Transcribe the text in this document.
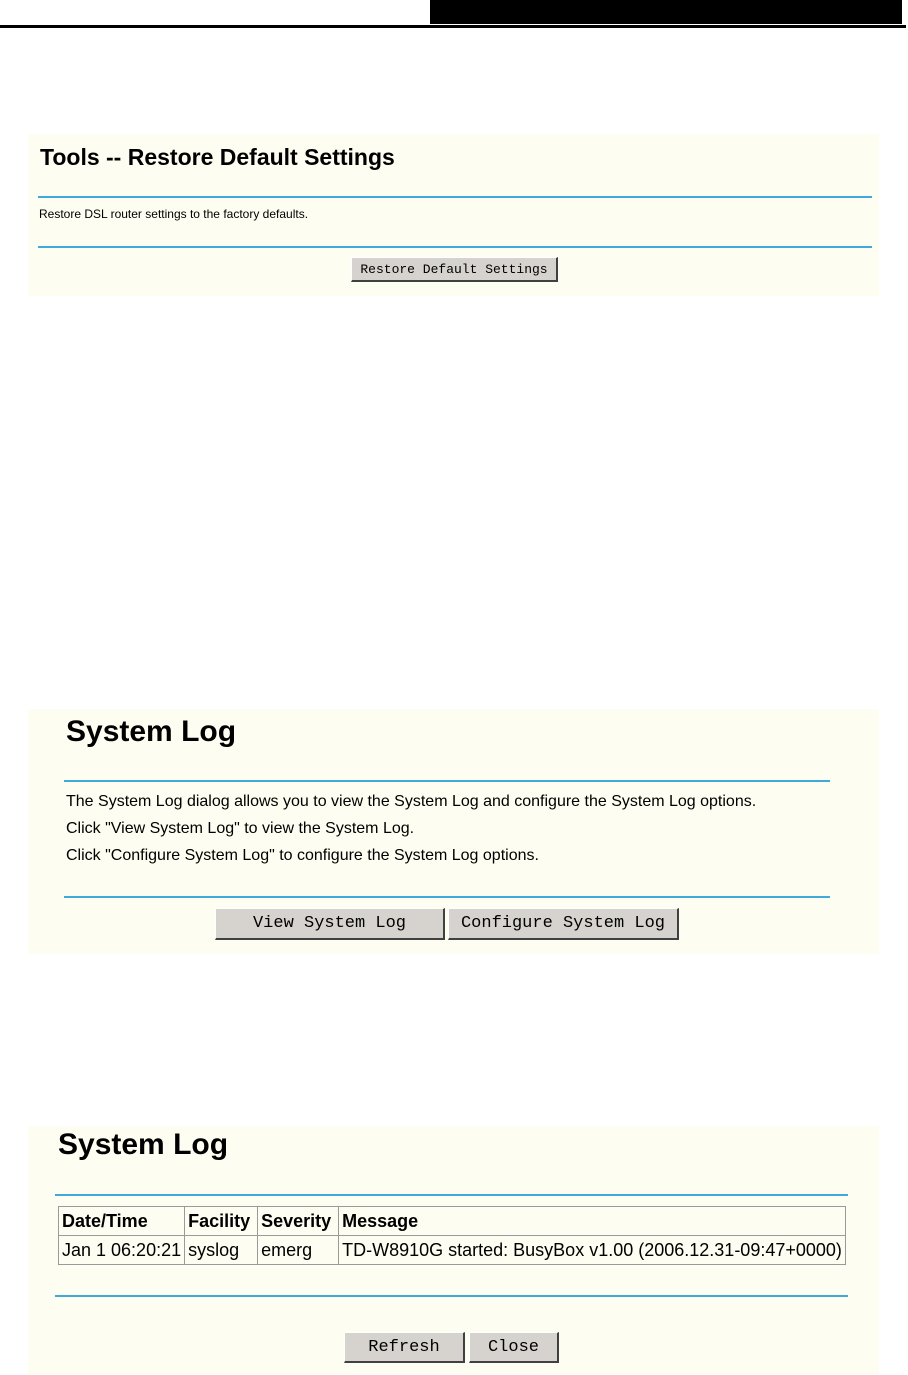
Tools -- Restore Default Settings
Restore DSL router settings to the factory defaults.
Restore Default Settings
System Log
The System Log dialog allows you to view the System Log and configure the System Log options.
Click "View System Log" to view the System Log.
Click "Configure System Log" to configure the System Log options.
View System Log	Configure System Log
System Log
Date/Time	Facility	Severity	Message
Jan 1 06:20:21	syslog	emerg	TD-W8910G started: BusyBox v1.00 (2006.12.31-09:47+0000)
Refresh	Close
